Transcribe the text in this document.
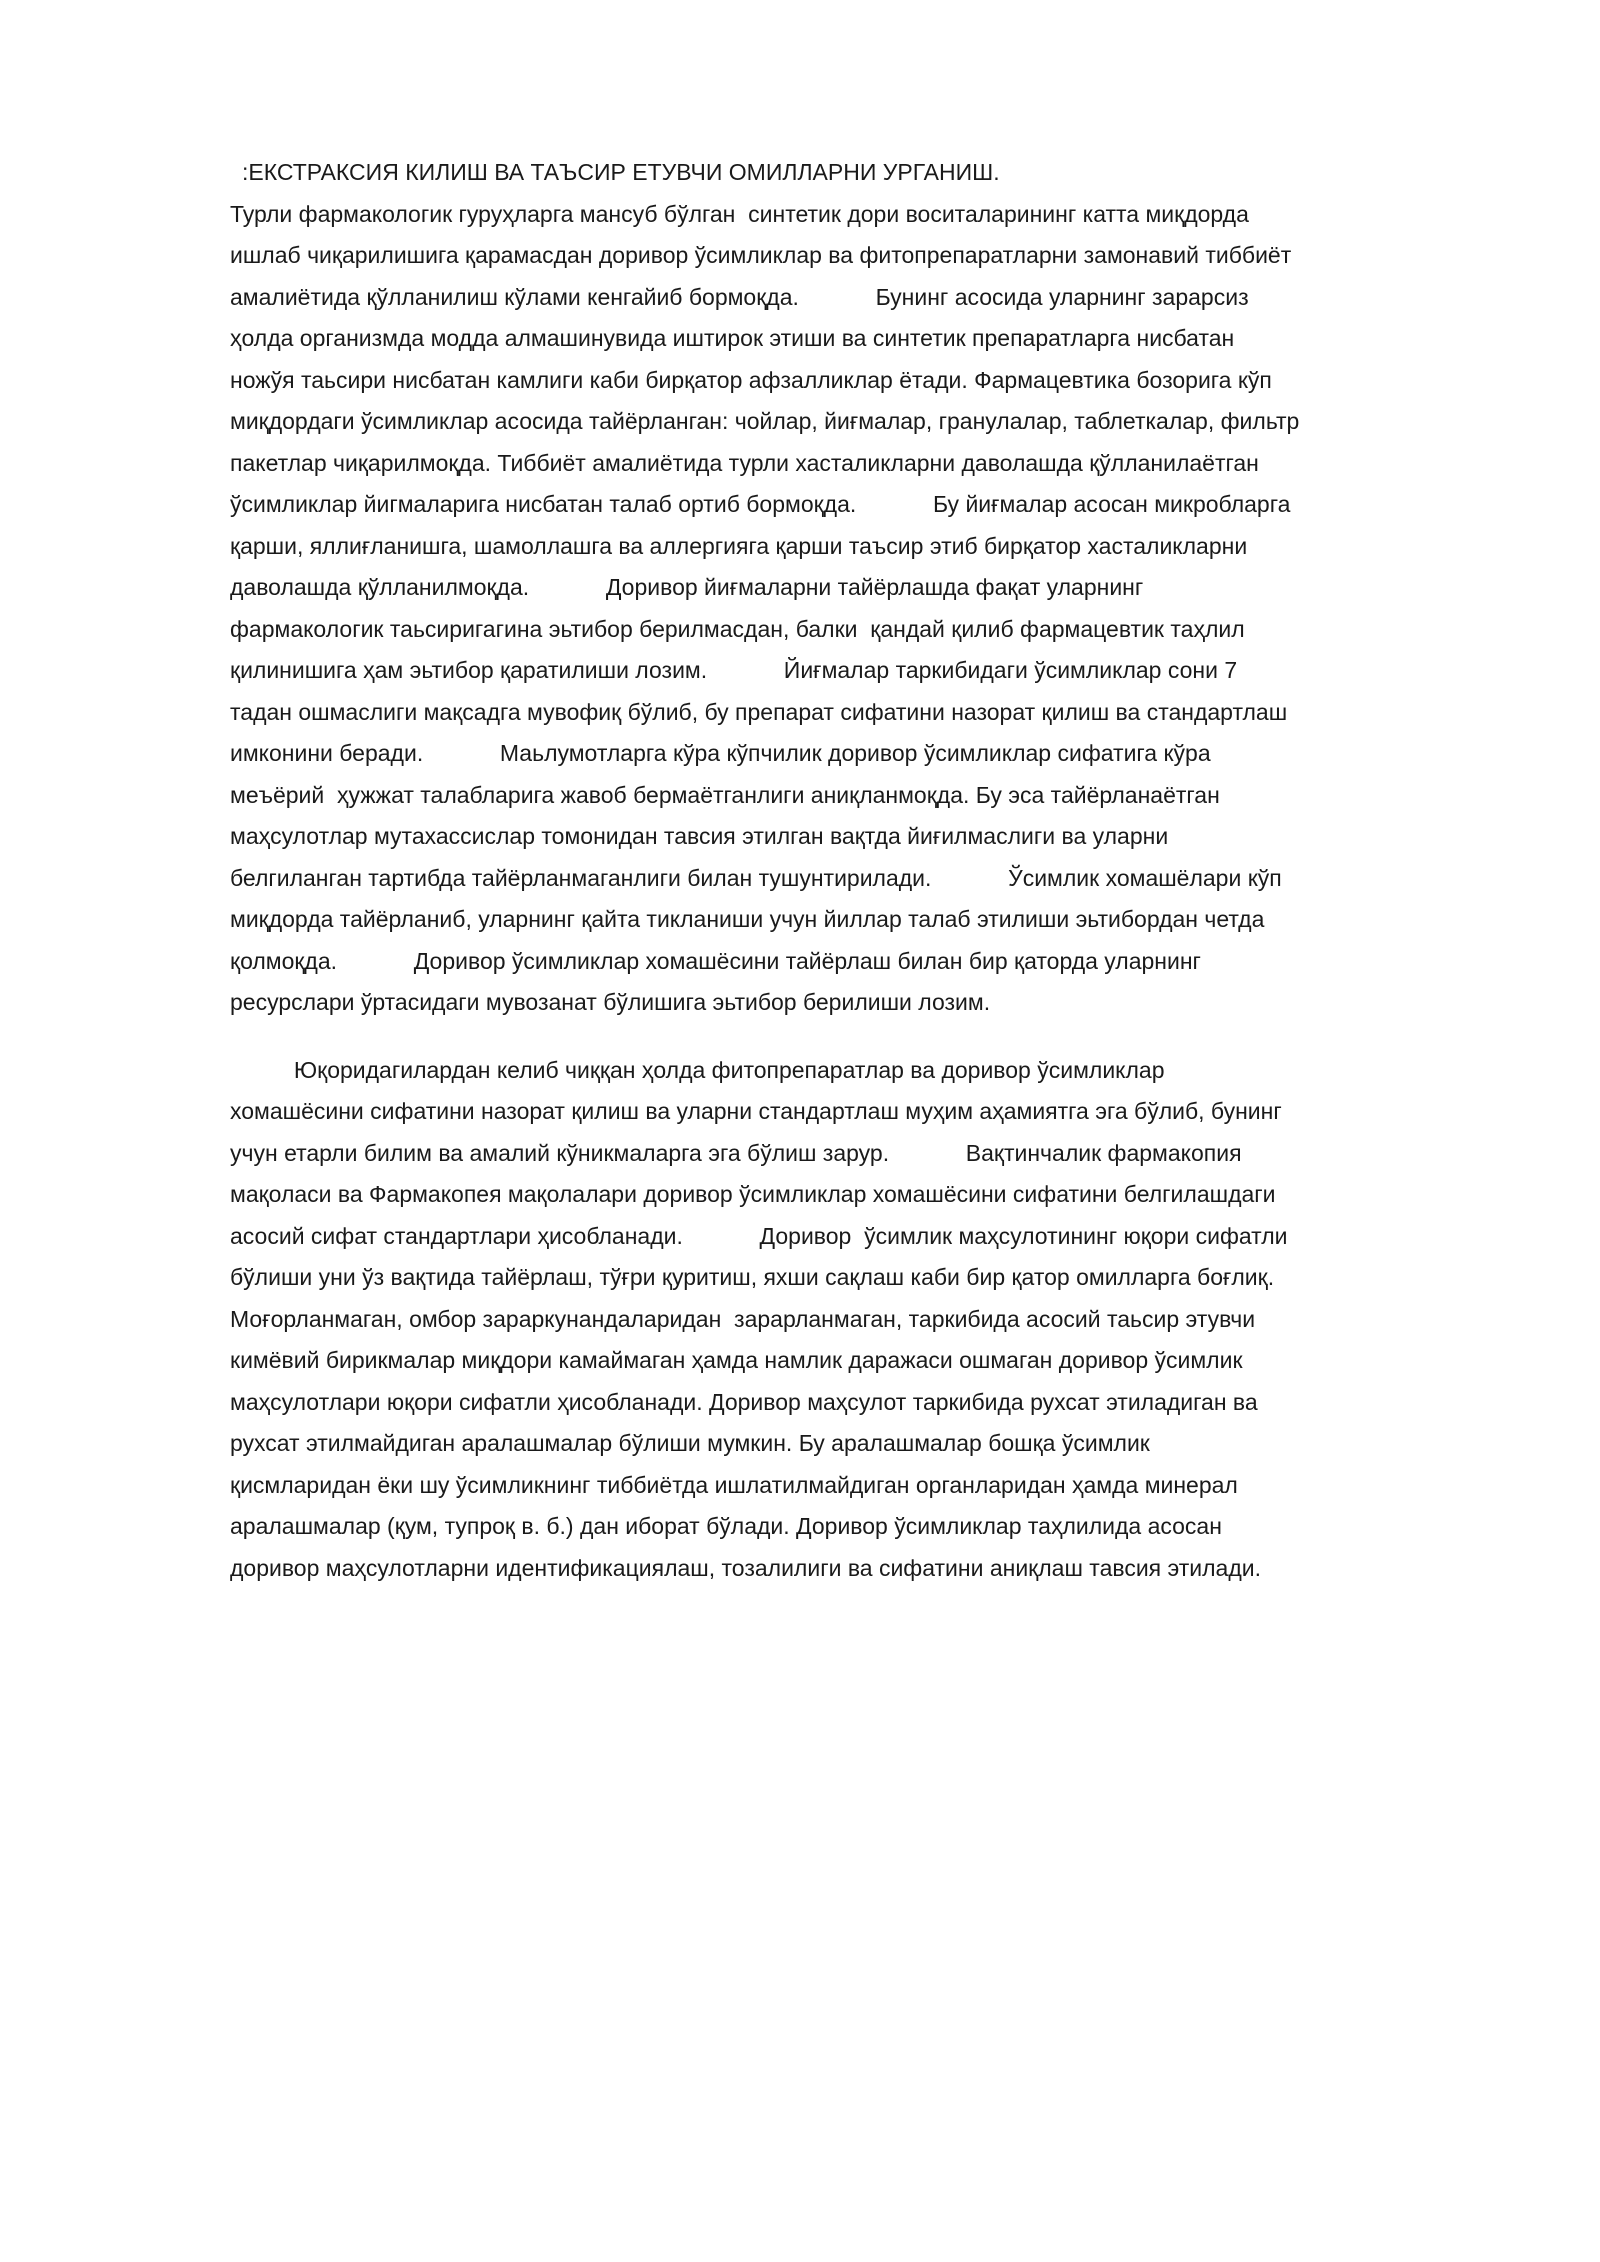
:ЕКСТРАКСИЯ КИЛИШ ВА ТАЪСИР ЕТУВЧИ ОМИЛЛАРНИ УРГАНИШ.
Турли фармакологик гуруҳларга мансуб бўлган  синтетик дори воситаларининг катта миқдорда
ишлаб чиқарилишига қарамасдан доривор ўсимликлар ва фитопрепаратларни замонавий тиббиёт
амалиётида қўлланилиш кўлами кенгайиб бормоқда.            Бунинг асосида уларнинг зарарсиз
ҳолда организмда модда алмашинувида иштирок этиши ва синтетик препаратларга нисбатан
ножўя таьсири нисбатан камлиги каби бирқатор афзалликлар ётади. Фармацевтика бозорига кўп
миқдордаги ўсимликлар асосида тайёрланган: чойлар, йиғмалар, гранулалар, таблеткалар, фильтр
пакетлар чиқарилмоқда. Тиббиёт амалиётида турли хасталикларни даволашда қўлланилаётган
ўсимликлар йигмаларига нисбатан талаб ортиб бормоқда.            Бу йиғмалар асосан микробларга
қарши, яллиғланишга, шамоллашга ва аллергияга қарши таъсир этиб бирқатор хасталикларни
даволашда қўлланилмоқда.            Доривор йиғмаларни тайёрлашда фақат уларнинг
фармакологик таьсиригагина эьтибор берилмасдан, балки  қандай қилиб фармацевтик таҳлил
қилинишига ҳам эьтибор қаратилиши лозим.            Йиғмалар таркибидаги ўсимликлар сони 7
тадан ошмаслиги мақсадга мувофиқ бўлиб, бу препарат сифатини назорат қилиш ва стандартлаш
имконини беради.            Маьлумотларга кўра кўпчилик доривор ўсимликлар сифатига кўра
меъёрий  ҳужжат талабларига жавоб бермаётганлиги аниқланмоқда. Бу эса тайёрланаётган
маҳсулотлар мутахассислар томонидан тавсия этилган вақтда йиғилмаслиги ва уларни
белгиланган тартибда тайёрланмаганлиги билан тушунтирилади.            Ўсимлик хомашёлари кўп
миқдорда тайёрланиб, уларнинг қайта тикланиши учун йиллар талаб этилиши эьтибордан четда
қолмоқда.            Доривор ўсимликлар хомашёсини тайёрлаш билан бир қаторда уларнинг
ресурслари ўртасидаги мувозанат бўлишига эьтибор берилиши лозим.
Юқоридагилардан келиб чиққан ҳолда фитопрепаратлар ва доривор ўсимликлар
хомашёсини сифатини назорат қилиш ва уларни стандартлаш муҳим аҳамиятга эга бўлиб, бунинг
учун етарли билим ва амалий кўникмаларга эга бўлиш зарур.            Вақтинчалик фармакопия
мақоласи ва Фармакопея мақолалари доривор ўсимликлар хомашёсини сифатини белгилашдаги
асосий сифат стандартлари ҳисобланади.            Доривор  ўсимлик маҳсулотининг юқори сифатли
бўлиши уни ўз вақтида тайёрлаш, тўғри қуритиш, яхши сақлаш каби бир қатор омилларга боғлиқ.
Моғорланмаган, омбор зараркунандаларидан  зарарланмаган, таркибида асосий таьсир этувчи
кимёвий бирикмалар миқдори камаймаган ҳамда намлик даражаси ошмаган доривор ўсимлик
маҳсулотлари юқори сифатли ҳисобланади. Доривор маҳсулот таркибида рухсат этиладиган ва
рухсат этилмайдиган аралашмалар бўлиши мумкин. Бу аралашмалар бошқа ўсимлик
қисмларидан ёки шу ўсимликнинг тиббиётда ишлатилмайдиган органларидан ҳамда минерал
аралашмалар (қум, тупроқ в. б.) дан иборат бўлади. Доривор ўсимликлар таҳлилида асосан
доривор маҳсулотларни идентификациялаш, тозалилиги ва сифатини аниқлаш тавсия этилади.
